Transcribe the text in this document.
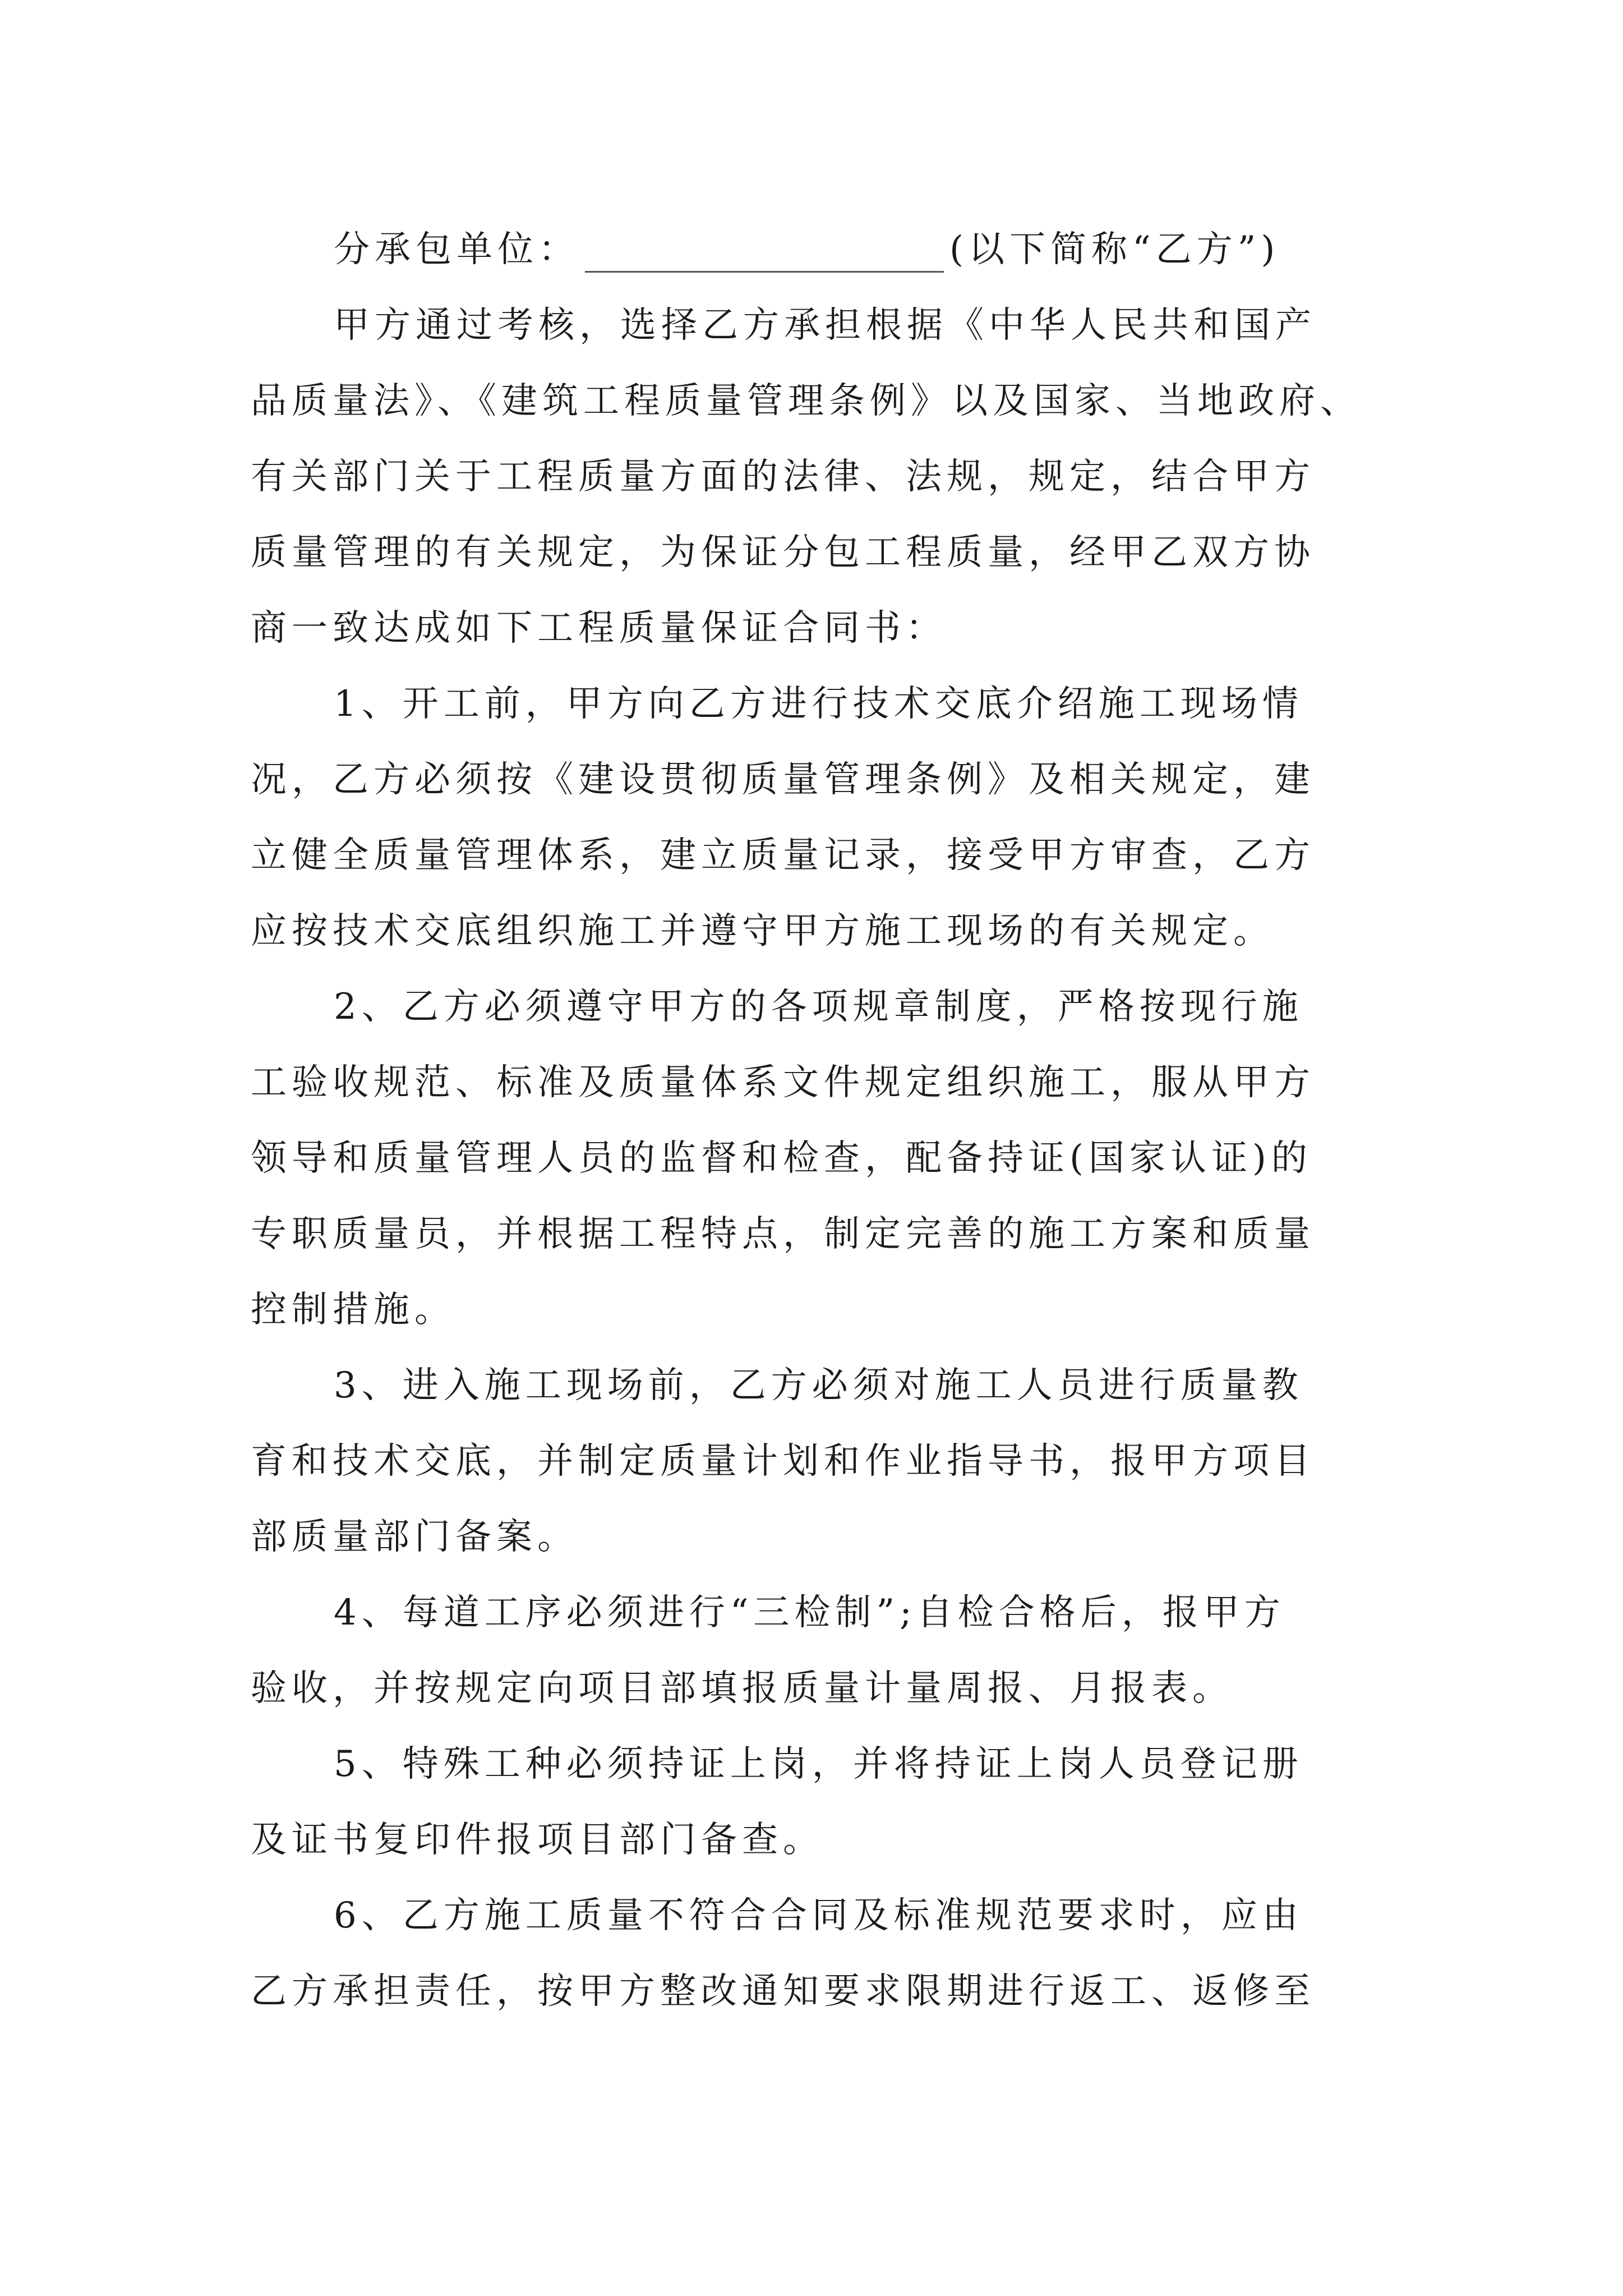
分承包单位：	(以下简称“乙方”)
甲方通过考核，选择乙方承担根据《中华人民共和国产
品质量法》、《建筑工程质量管理条例》以及国家、当地政府、
有关部门关于工程质量方面的法律、法规，规定，结合甲方
质量管理的有关规定，为保证分包工程质量，经甲乙双方协
商一致达成如下工程质量保证合同书：
1、开工前，甲方向乙方进行技术交底介绍施工现场情
况，乙方必须按《建设贯彻质量管理条例》及相关规定，建
立健全质量管理体系，建立质量记录，接受甲方审查，乙方
应按技术交底组织施工并遵守甲方施工现场的有关规定。
2、乙方必须遵守甲方的各项规章制度，严格按现行施
工验收规范、标准及质量体系文件规定组织施工，服从甲方
领导和质量管理人员的监督和检查，配备持证(国家认证)的
专职质量员，并根据工程特点，制定完善的施工方案和质量
控制措施。
3、进入施工现场前，乙方必须对施工人员进行质量教
育和技术交底，并制定质量计划和作业指导书，报甲方项目
部质量部门备案。
4、每道工序必须进行“三检制”;自检合格后，报甲方
验收，并按规定向项目部填报质量计量周报、月报表。
5、特殊工种必须持证上岗，并将持证上岗人员登记册
及证书复印件报项目部门备查。
6、乙方施工质量不符合合同及标准规范要求时，应由
乙方承担责任，按甲方整改通知要求限期进行返工、返修至
